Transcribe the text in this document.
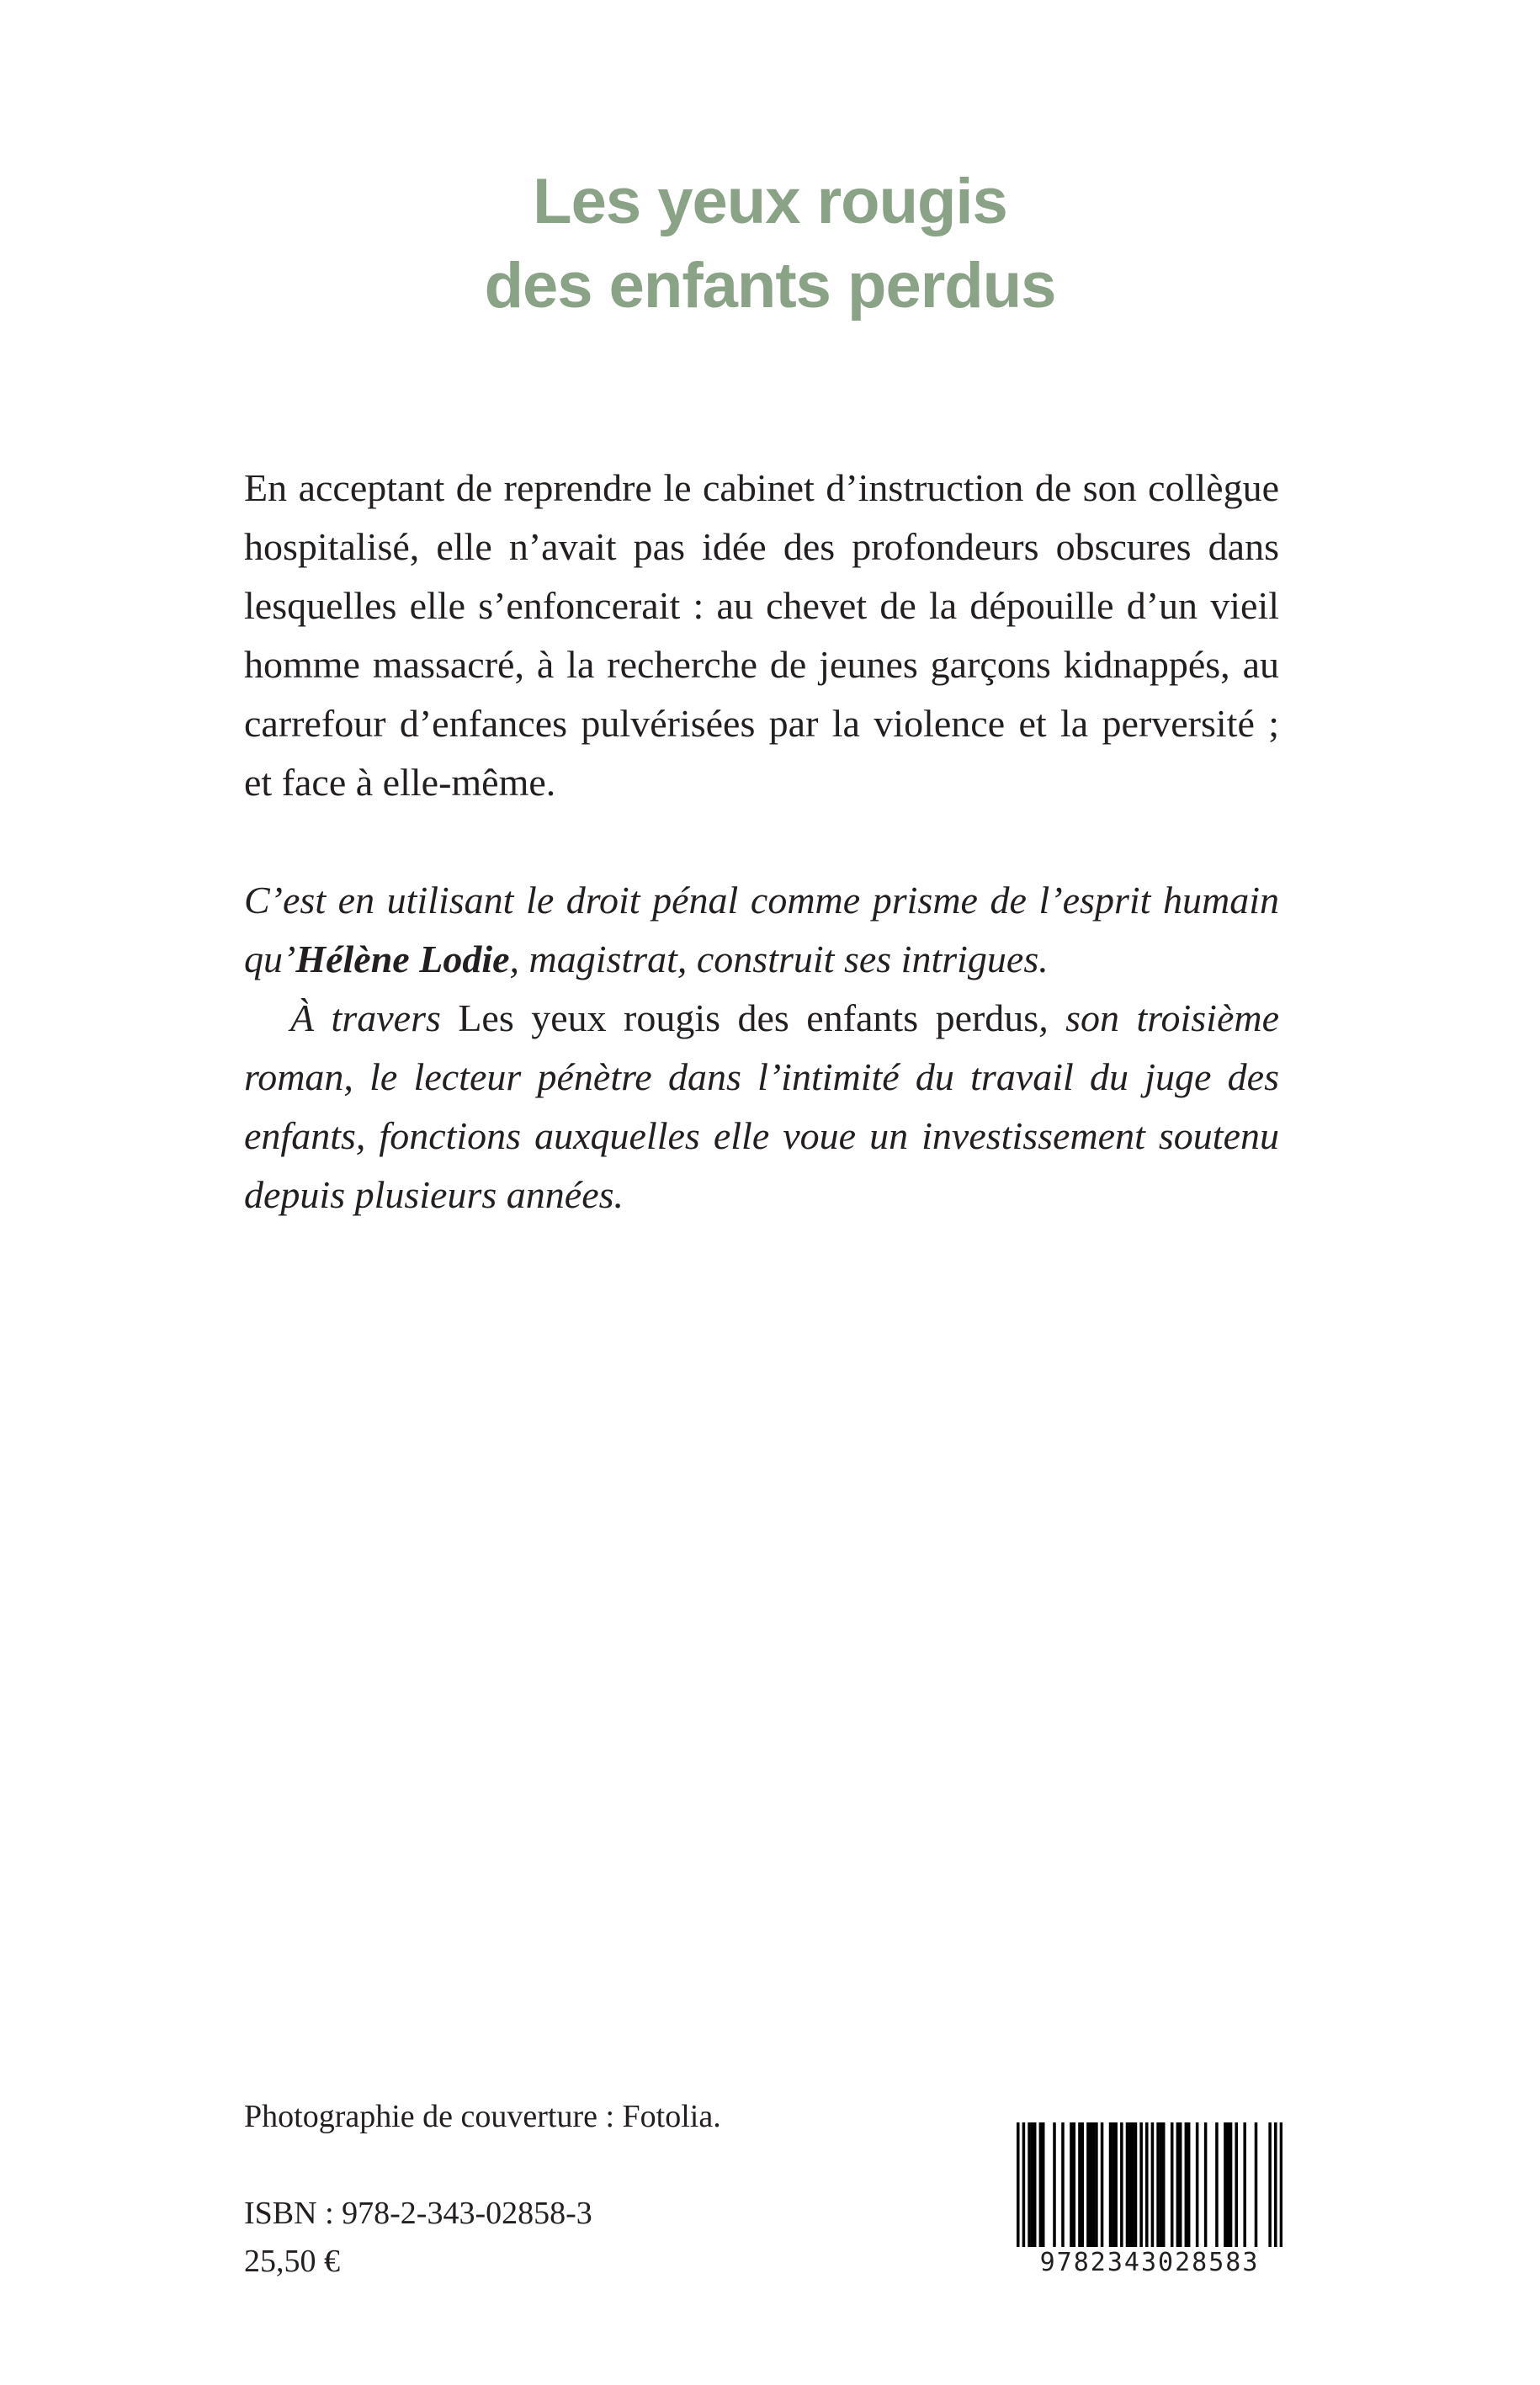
Les yeux rougis
des enfants perdus

En acceptant de reprendre le cabinet d’instruction de son collègue hospitalisé, elle n’avait pas idée des profondeurs obscures dans lesquelles elle s’enfoncerait : au chevet de la dépouille d’un vieil homme massacré, à la recherche de jeunes garçons kidnappés, au carrefour d’enfances pulvérisées par la violence et la perversité ; et face à elle-même.

C’est en utilisant le droit pénal comme prisme de l’esprit humain qu’Hélène Lodie, magistrat, construit ses intrigues.

À travers Les yeux rougis des enfants perdus, son troisième roman, le lecteur pénètre dans l’intimité du travail du juge des enfants, fonctions auxquelles elle voue un investissement soutenu depuis plusieurs années.

Photographie de couverture : Fotolia.
ISBN : 978-2-343-02858-3
25,50 €	9782343028583
